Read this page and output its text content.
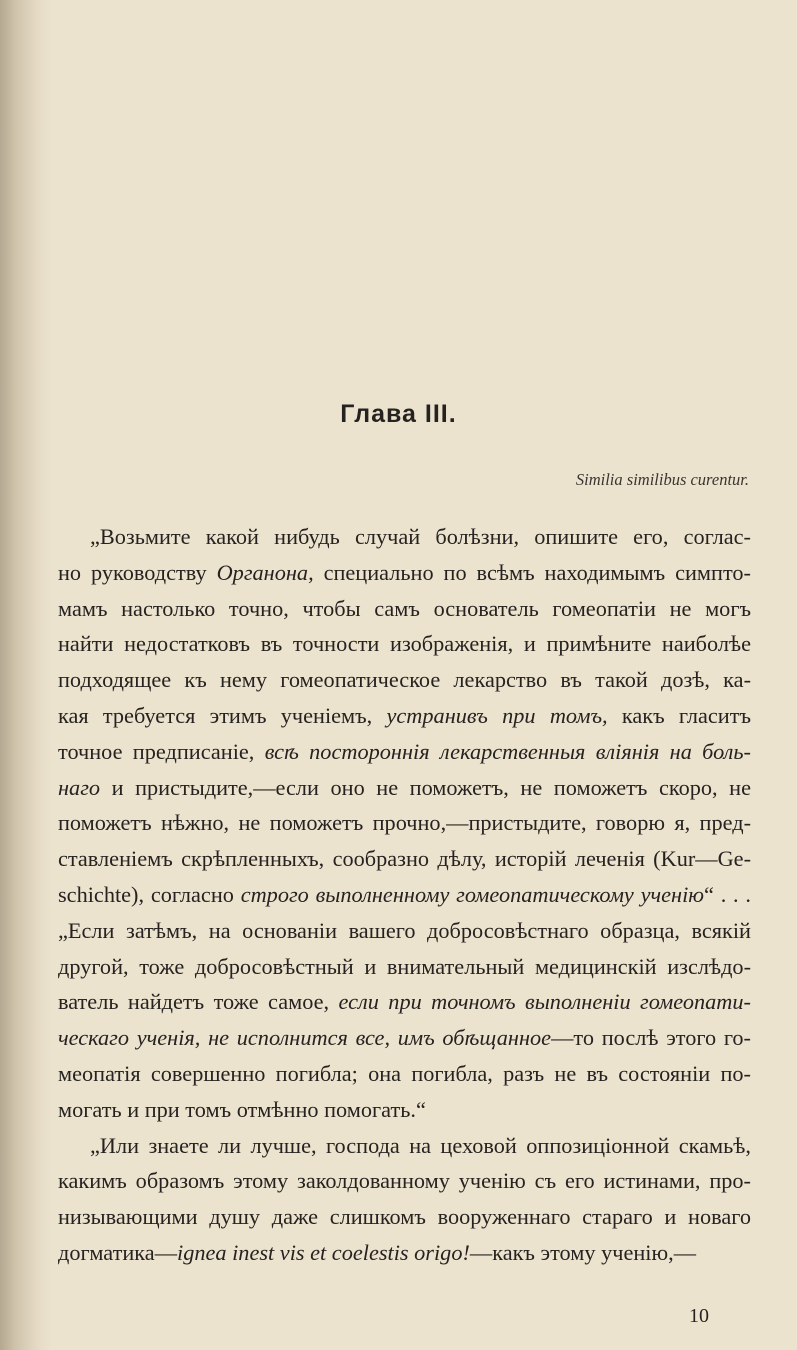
Глава III.
Similia similibus curentur.
„Возьмите какой нибудь случай болѣзни, опишите его, соглас-
но руководству Органона, специально по всѣмъ находимымъ симпто-
мамъ настолько точно, чтобы самъ основатель гомеопатіи не могъ
найти недостатковъ въ точности изображенія, и примѣните наиболѣе
подходящее къ нему гомеопатическое лекарство въ такой дозѣ, ка-
кая требуется этимъ ученіемъ, устранивъ при томъ, какъ гласитъ
точное предписаніе, всѣ постороннія лекарственныя вліянія на боль-
наго и пристыдите,—если оно не поможетъ, не поможетъ скоро, не
поможетъ нѣжно, не поможетъ прочно,—пристыдите, говорю я, пред-
ставленіемъ скрѣпленныхъ, сообразно дѣлу, исторій леченія (Kur—Ge-
schichte), согласно строго выполненному гомеопатическому ученію“ . . .
„Если затѣмъ, на основаніи вашего добросовѣстнаго образца, всякій
другой, тоже добросовѣстный и внимательный медицинскій изслѣдо-
ватель найдетъ тоже самое, если при точномъ выполненіи гомеопати-
ческаго ученія, не исполнится все, имъ обѣщанное—то послѣ этого го-
меопатія совершенно погибла; она погибла, разъ не въ состояніи по-
могать и при томъ отмѣнно помогать.“
„Или знаете ли лучше, господа на цеховой оппозиціонной скамьѣ,
какимъ образомъ этому заколдованному ученію съ его истинами, про-
низывающими душу даже слишкомъ вооруженнаго стараго и новаго
догматика—ignea inest vis et coelestis origo!—какъ этому ученію,—
10
